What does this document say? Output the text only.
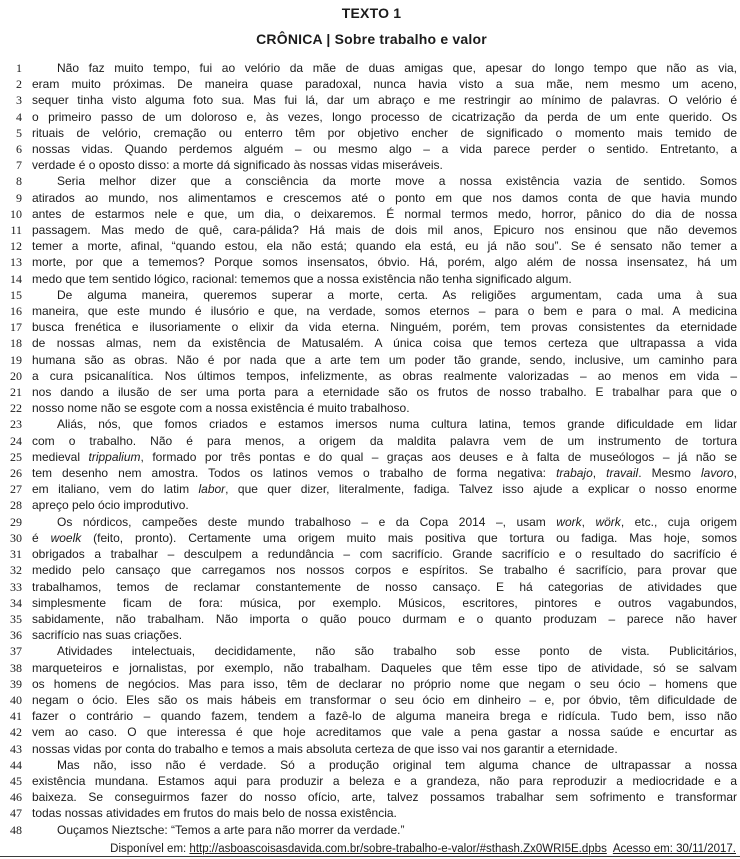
TEXTO 1
CRÔNICA | Sobre trabalho e valor
1	Não faz muito tempo, fui ao velório da mãe de duas amigas que, apesar do longo tempo que não as via,
2 eram muito próximas. De maneira quase paradoxal, nunca havia visto a sua mãe, nem mesmo um aceno,
3 sequer tinha visto alguma foto sua. Mas fui lá, dar um abraço e me restringir ao mínimo de palavras. O velório é
4 o primeiro passo de um doloroso e, às vezes, longo processo de cicatrização da perda de um ente querido. Os
5 rituais de velório, cremação ou enterro têm por objetivo encher de significado o momento mais temido de
6 nossas vidas. Quando perdemos alguém – ou mesmo algo – a vida parece perder o sentido. Entretanto, a
7 verdade é o oposto disso: a morte dá significado às nossas vidas miseráveis.
8	Seria melhor dizer que a consciência da morte move a nossa existência vazia de sentido. Somos
9 atirados ao mundo, nos alimentamos e crescemos até o ponto em que nos damos conta de que havia mundo
10 antes de estarmos nele e que, um dia, o deixaremos. É normal termos medo, horror, pânico do dia de nossa
11 passagem. Mas medo de quê, cara-pálida? Há mais de dois mil anos, Epicuro nos ensinou que não devemos
12 temer a morte, afinal, “quando estou, ela não está; quando ela está, eu já não sou”. Se é sensato não temer a
13 morte, por que a tememos? Porque somos insensatos, óbvio. Há, porém, algo além de nossa insensatez, há um
14 medo que tem sentido lógico, racional: tememos que a nossa existência não tenha significado algum.
15	De alguma maneira, queremos superar a morte, certa. As religiões argumentam, cada uma à sua
16 maneira, que este mundo é ilusório e que, na verdade, somos eternos – para o bem e para o mal. A medicina
17 busca frenética e ilusoriamente o elixir da vida eterna. Ninguém, porém, tem provas consistentes da eternidade
18 de nossas almas, nem da existência de Matusalém. A única coisa que temos certeza que ultrapassa a vida
19 humana são as obras. Não é por nada que a arte tem um poder tão grande, sendo, inclusive, um caminho para
20 a cura psicanalítica. Nos últimos tempos, infelizmente, as obras realmente valorizadas – ao menos em vida –
21 nos dando a ilusão de ser uma porta para a eternidade são os frutos de nosso trabalho. E trabalhar para que o
22 nosso nome não se esgote com a nossa existência é muito trabalhoso.
23	Aliás, nós, que fomos criados e estamos imersos numa cultura latina, temos grande dificuldade em lidar
24 com o trabalho. Não é para menos, a origem da maldita palavra vem de um instrumento de tortura
25 medieval trippalium, formado por três pontas e do qual – graças aos deuses e à falta de museólogos – já não se
26 tem desenho nem amostra. Todos os latinos vemos o trabalho de forma negativa: trabajo, travail. Mesmo lavoro,
27 em italiano, vem do latim labor, que quer dizer, literalmente, fadiga. Talvez isso ajude a explicar o nosso enorme
28 apreço pelo ócio improdutivo.
29	Os nórdicos, campeões deste mundo trabalhoso – e da Copa 2014 –, usam work, wörk, etc., cuja origem
30 é woelk (feito, pronto). Certamente uma origem muito mais positiva que tortura ou fadiga. Mas hoje, somos
31 obrigados a trabalhar – desculpem a redundância – com sacrifício. Grande sacrifício e o resultado do sacrifício é
32 medido pelo cansaço que carregamos nos nossos corpos e espíritos. Se trabalho é sacrifício, para provar que
33 trabalhamos, temos de reclamar constantemente de nosso cansaço. E há categorias de atividades que
34 simplesmente ficam de fora: música, por exemplo. Músicos, escritores, pintores e outros vagabundos,
35 sabidamente, não trabalham. Não importa o quão pouco durmam e o quanto produzam – parece não haver
36 sacrifício nas suas criações.
37	Atividades intelectuais, decididamente, não são trabalho sob esse ponto de vista. Publicitários,
38 marqueteiros e jornalistas, por exemplo, não trabalham. Daqueles que têm esse tipo de atividade, só se salvam
39 os homens de negócios. Mas para isso, têm de declarar no próprio nome que negam o seu ócio – homens que
40 negam o ócio. Eles são os mais hábeis em transformar o seu ócio em dinheiro – e, por óbvio, têm dificuldade de
41 fazer o contrário – quando fazem, tendem a fazê-lo de alguma maneira brega e ridícula. Tudo bem, isso não
42 vem ao caso. O que interessa é que hoje acreditamos que vale a pena gastar a nossa saúde e encurtar as
43 nossas vidas por conta do trabalho e temos a mais absoluta certeza de que isso vai nos garantir a eternidade.
44	Mas não, isso não é verdade. Só a produção original tem alguma chance de ultrapassar a nossa
45 existência mundana. Estamos aqui para produzir a beleza e a grandeza, não para reproduzir a mediocridade e a
46 baixeza. Se conseguirmos fazer do nosso ofício, arte, talvez possamos trabalhar sem sofrimento e transformar
47 todas nossas atividades em frutos do mais belo de nossa existência.
48	Ouçamos Nieztsche: “Temos a arte para não morrer da verdade.”
Disponível em: http://asboascoisasdavida.com.br/sobre-trabalho-e-valor/#sthash.Zx0WRI5E.dpbs Acesso em: 30/11/2017.
